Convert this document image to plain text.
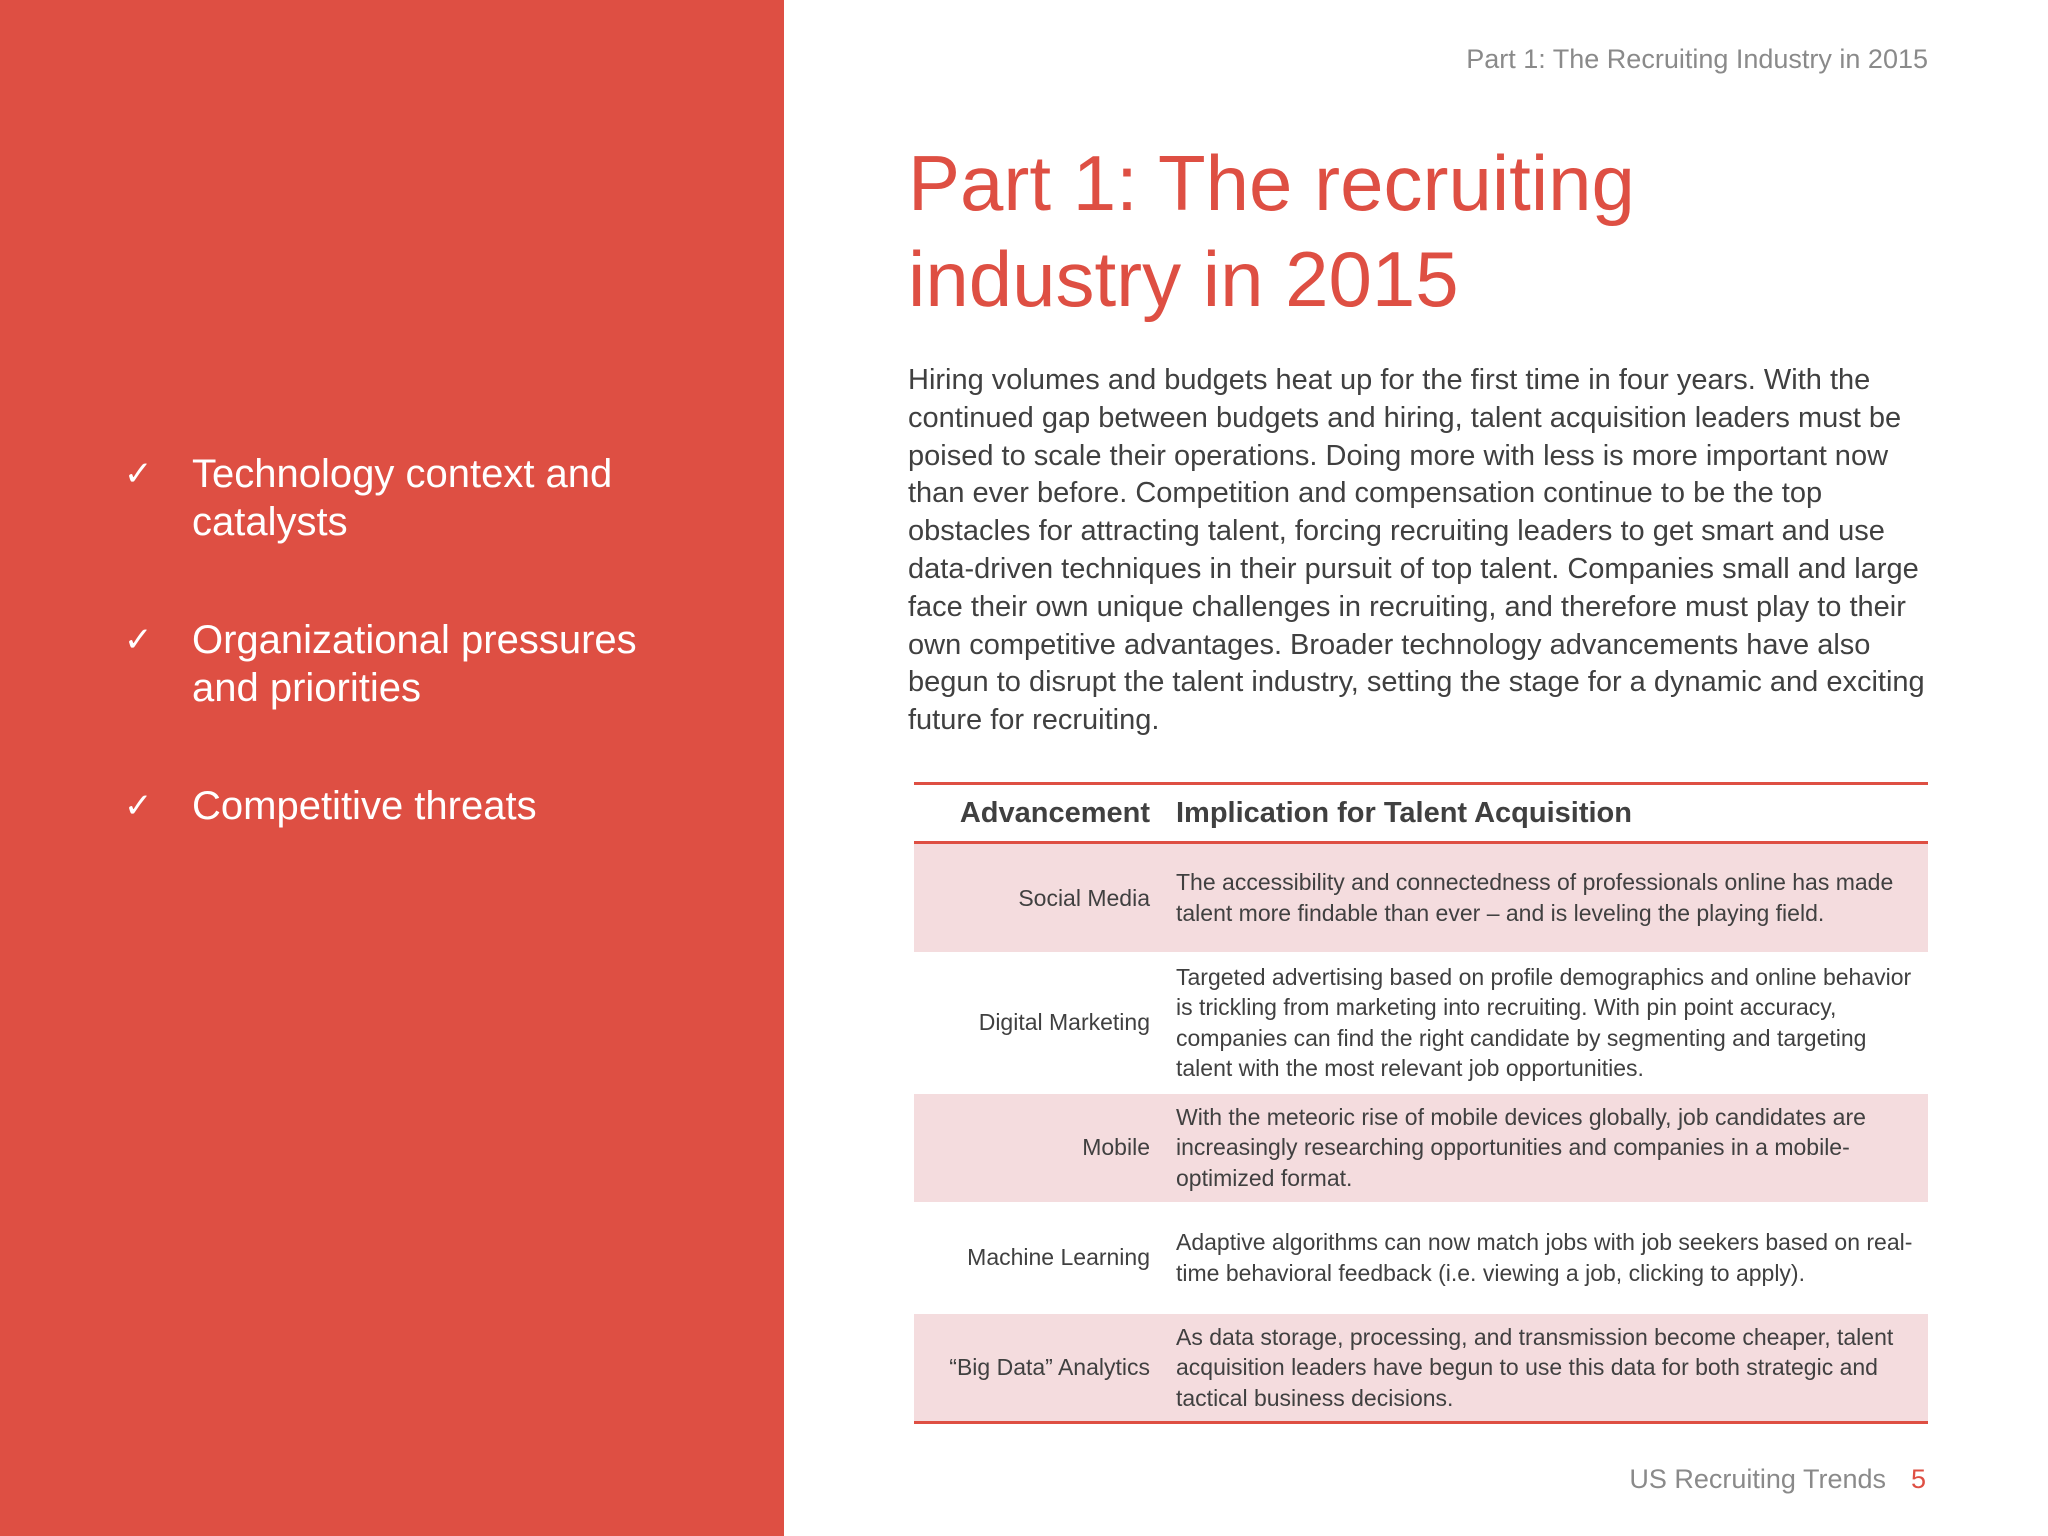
✓ Technology context and catalysts
✓ Organizational pressures and priorities
✓ Competitive threats
Part 1: The Recruiting Industry in 2015
Part 1: The recruiting
industry in 2015

Hiring volumes and budgets heat up for the first time in four years. With the continued gap between budgets and hiring, talent acquisition leaders must be poised to scale their operations. Doing more with less is more important now than ever before. Competition and compensation continue to be the top obstacles for attracting talent, forcing recruiting leaders to get smart and use data-driven techniques in their pursuit of top talent. Companies small and large face their own unique challenges in recruiting, and therefore must play to their own competitive advantages. Broader technology advancements have also begun to disrupt the talent industry, setting the stage for a dynamic and exciting future for recruiting.

Advancement	Implication for Talent Acquisition
Social Media	The accessibility and connectedness of professionals online has made talent more findable than ever – and is leveling the playing field.
Digital Marketing	Targeted advertising based on profile demographics and online behavior is trickling from marketing into recruiting. With pin point accuracy, companies can find the right candidate by segmenting and targeting talent with the most relevant job opportunities.
Mobile	With the meteoric rise of mobile devices globally, job candidates are increasingly researching opportunities and companies in a mobile-optimized format.
Machine Learning	Adaptive algorithms can now match jobs with job seekers based on real-time behavioral feedback (i.e. viewing a job, clicking to apply).
“Big Data” Analytics	As data storage, processing, and transmission become cheaper, talent acquisition leaders have begun to use this data for both strategic and tactical business decisions.
US Recruiting Trends 5
